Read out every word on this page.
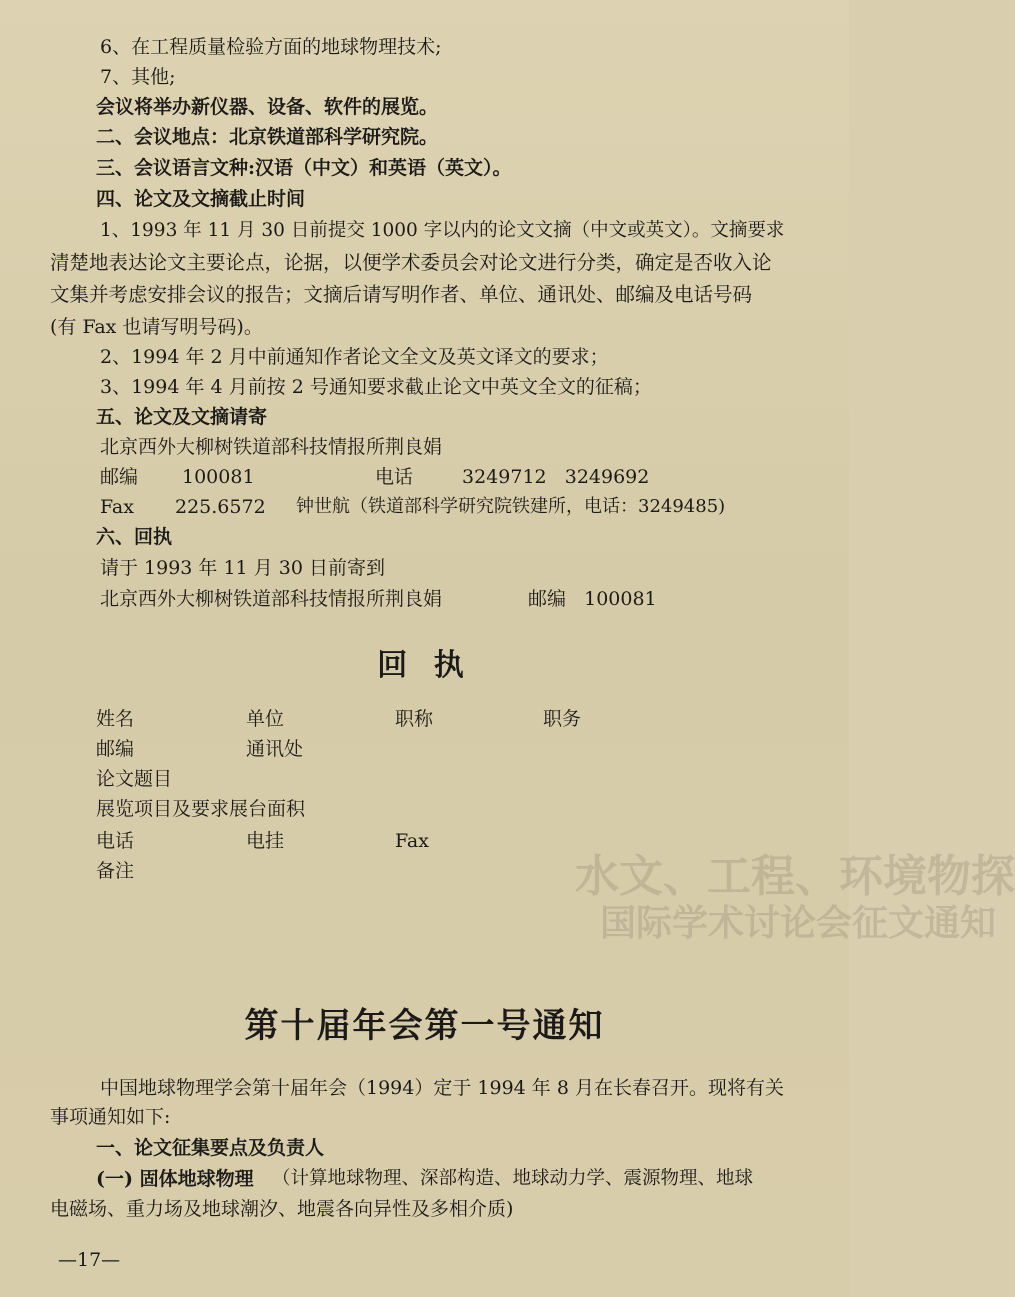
水文、工程、环境物探
国际学术讨论会征文通知
6、在工程质量检验方面的地球物理技术;
7、其他;
会议将举办新仪器、设备、软件的展览。
二、会议地点：北京铁道部科学研究院。
三、会议语言文种:汉语（中文）和英语（英文）。
四、论文及文摘截止时间
1、1993 年 11 月 30 日前提交 1000 字以内的论文文摘（中文或英文）。文摘要求
清楚地表达论文主要论点，论据，以便学术委员会对论文进行分类，确定是否收入论
文集并考虑安排会议的报告；文摘后请写明作者、单位、通讯处、邮编及电话号码
(有 Fax 也请写明号码)。
2、1994 年 2 月中前通知作者论文全文及英文译文的要求；
3、1994 年 4 月前按 2 号通知要求截止论文中英文全文的征稿；
五、论文及文摘请寄
北京西外大柳树铁道部科技情报所荆良娟
邮编 100081	电话	3249712   3249692
Fax 225.6572 钟世航（铁道部科学研究院铁建所，电话：3249485)
六、回执
请于 1993 年 11 月 30 日前寄到
北京西外大柳树铁道部科技情报所荆良娟	邮编   100081
回 执
姓名	单位	职称	职务
邮编	通讯处
论文题目
展览项目及要求展台面积
电话	电挂	Fax
备注
第十届年会第一号通知
中国地球物理学会第十届年会（1994）定于 1994 年 8 月在长春召开。现将有关
事项通知如下:
一、论文征集要点及负责人
(一) 固体地球物理 （计算地球物理、深部构造、地球动力学、震源物理、地球
电磁场、重力场及地球潮汐、地震各向异性及多相介质)
—17—
